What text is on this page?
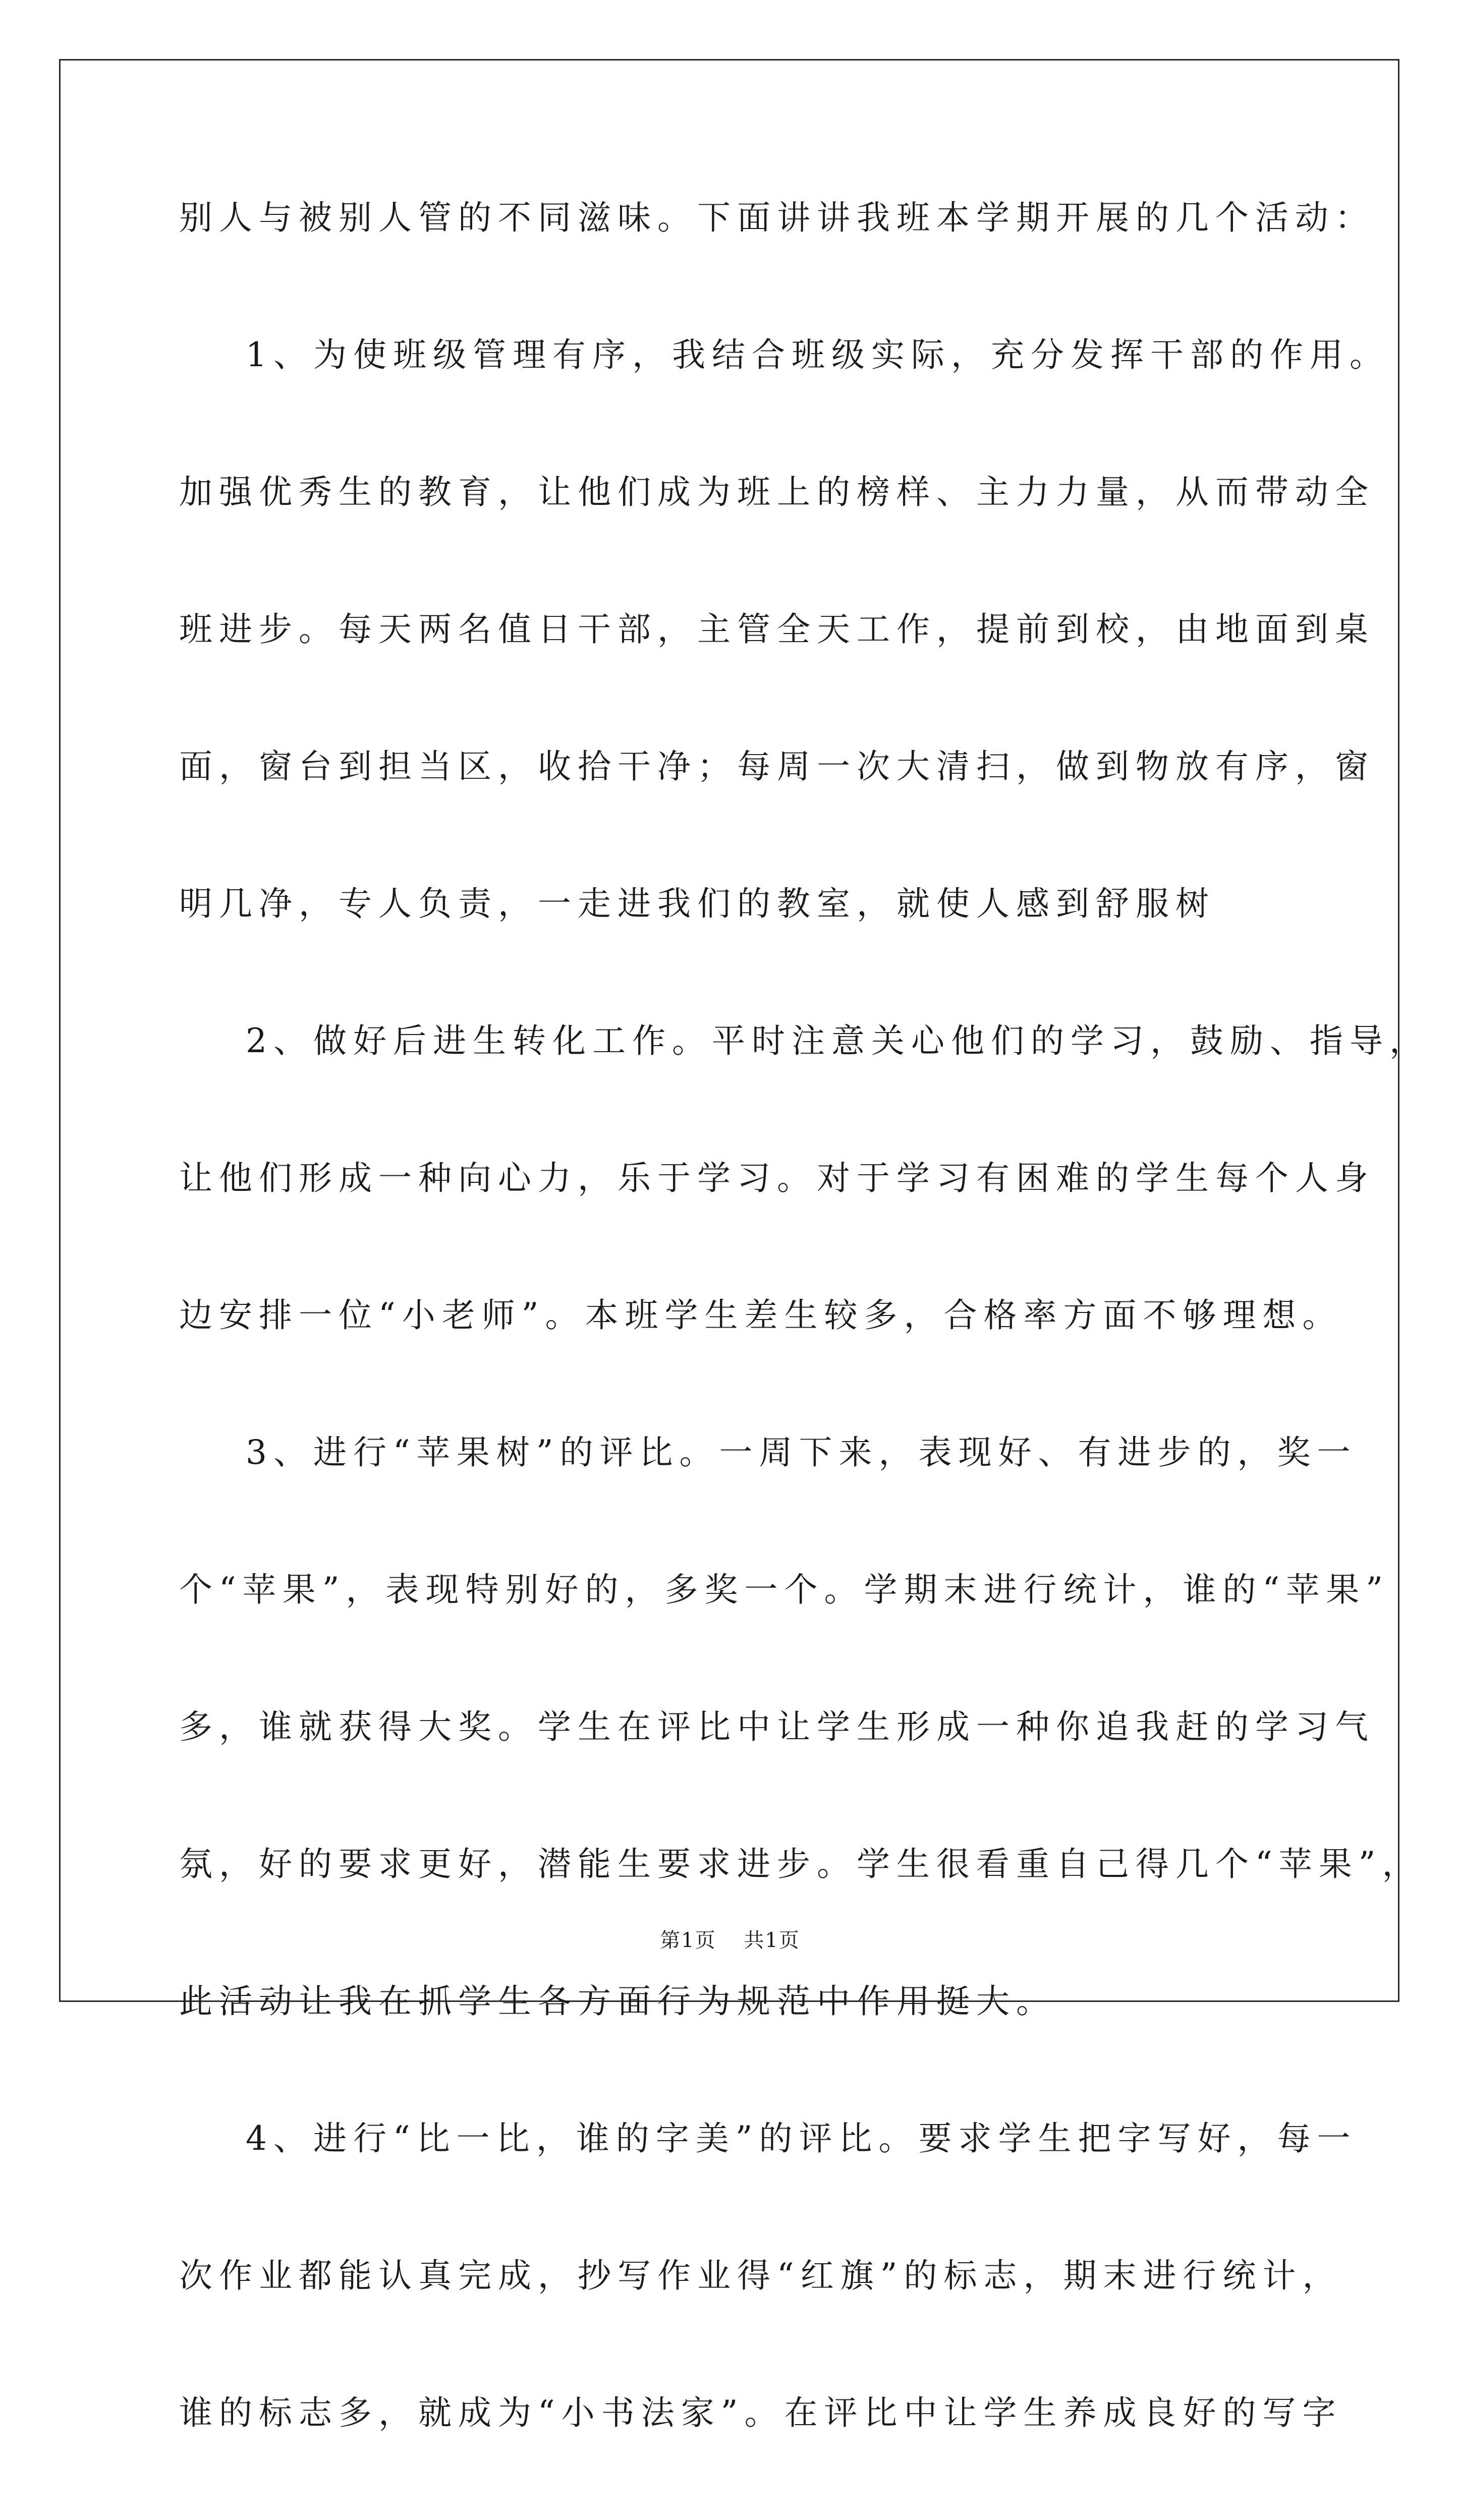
别人与被别人管的不同滋味。下面讲讲我班本学期开展的几个活动：
1、为使班级管理有序，我结合班级实际，充分发挥干部的作用。
加强优秀生的教育，让他们成为班上的榜样、主力力量，从而带动全
班进步。每天两名值日干部，主管全天工作，提前到校，由地面到桌
面，窗台到担当区，收拾干净；每周一次大清扫，做到物放有序，窗
明几净，专人负责，一走进我们的教室，就使人感到舒服树
2、做好后进生转化工作。平时注意关心他们的学习，鼓励、指导，
让他们形成一种向心力，乐于学习。对于学习有困难的学生每个人身
边安排一位“小老师”。本班学生差生较多，合格率方面不够理想。
3、进行“苹果树”的评比。一周下来，表现好、有进步的，奖一
个“苹果”，表现特别好的，多奖一个。学期末进行统计，谁的“苹果”
多，谁就获得大奖。学生在评比中让学生形成一种你追我赶的学习气
氛，好的要求更好，潜能生要求进步。学生很看重自己得几个“苹果”，
此活动让我在抓学生各方面行为规范中作用挺大。
4、进行“比一比，谁的字美”的评比。要求学生把字写好，每一
次作业都能认真完成，抄写作业得“红旗”的标志，期末进行统计，
谁的标志多，就成为“小书法家”。在评比中让学生养成良好的写字
第1页 共1页
